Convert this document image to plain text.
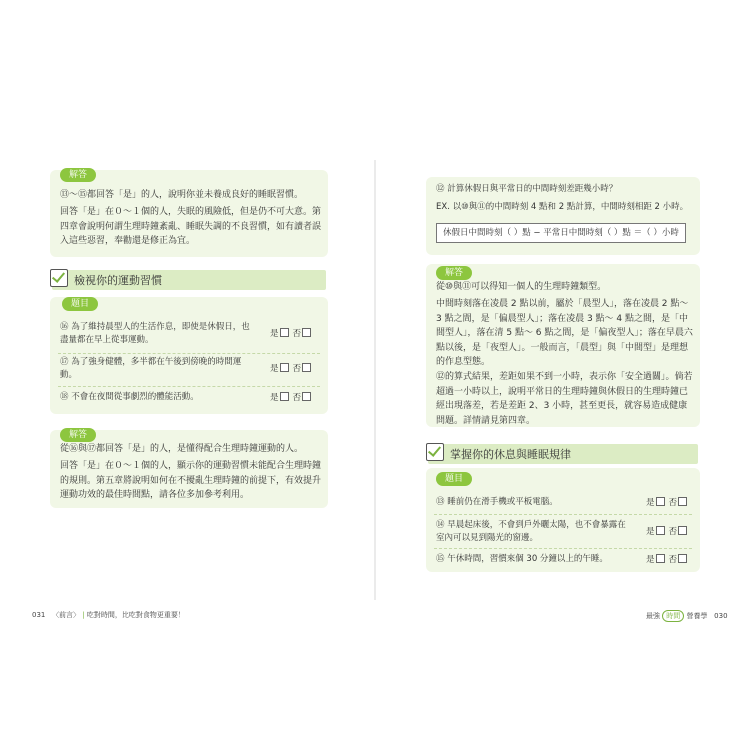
解答
⑬～⑮都回答「是」的人，說明你並未養成良好的睡眠習慣。
回答「是」在０～１個的人，失眠的風險低，但是仍不可大意。第四章會說明何謂生理時鐘紊亂、睡眠失調的不良習慣，如有讀者誤入這些惡習，奉勸還是修正為宜。
檢視你的運動習慣
題目
⑯ 為了維持晨型人的生活作息，即使是休假日，也盡量都在早上從事運動。
是 否
⑰ 為了強身健體，多半都在午後到傍晚的時間運動。
是 否
⑱ 不會在夜間從事劇烈的體能活動。	是 否
解答
從⑯與⑰都回答「是」的人，是懂得配合生理時鐘運動的人。
回答「是」在０～１個的人，顯示你的運動習慣未能配合生理時鐘的規則。第五章將說明如何在不擾亂生理時鐘的前提下，有效提升運動功效的最佳時間點，請各位多加參考利用。
031 〈前言〉 | 吃對時間，比吃對食物更重要！
⑫ 計算休假日與平常日的中間時刻差距幾小時？
EX. 以⑩與⑪的中間時刻 4 點和 2 點計算，中間時刻相距 2 小時。
休假日中間時刻（ ）點 − 平常日中間時刻（ ）點 ＝（ ）小時
解答
從⑩與⑪可以得知一個人的生理時鐘類型。
中間時刻落在凌晨 2 點以前，屬於「晨型人」，落在凌晨 2 點～ 3 點之間，是「偏晨型人」；落在凌晨 3 點～ 4 點之間，是「中間型人」，落在清 5 點～ 6 點之間，是「偏夜型人」；落在早晨六點以後，是「夜型人」。一般而言，「晨型」與「中間型」是理想的作息型態。
⑫的算式結果，差距如果不到一小時，表示你「安全過關」。倘若超過一小時以上，說明平常日的生理時鐘與休假日的生理時鐘已經出現落差，若是差距 2、3 小時，甚至更長，就容易造成健康問題。詳情請見第四章。
掌握你的休息與睡眠規律
題目
⑬ 睡前仍在滑手機或平板電腦。	是 否
⑭ 早晨起床後，不會到戶外曬太陽，也不會暴露在室內可以見到陽光的窗邊。
是 否
⑮ 午休時間，習慣來個 30 分鐘以上的午睡。	是 否
最強 時間 營養學 030
